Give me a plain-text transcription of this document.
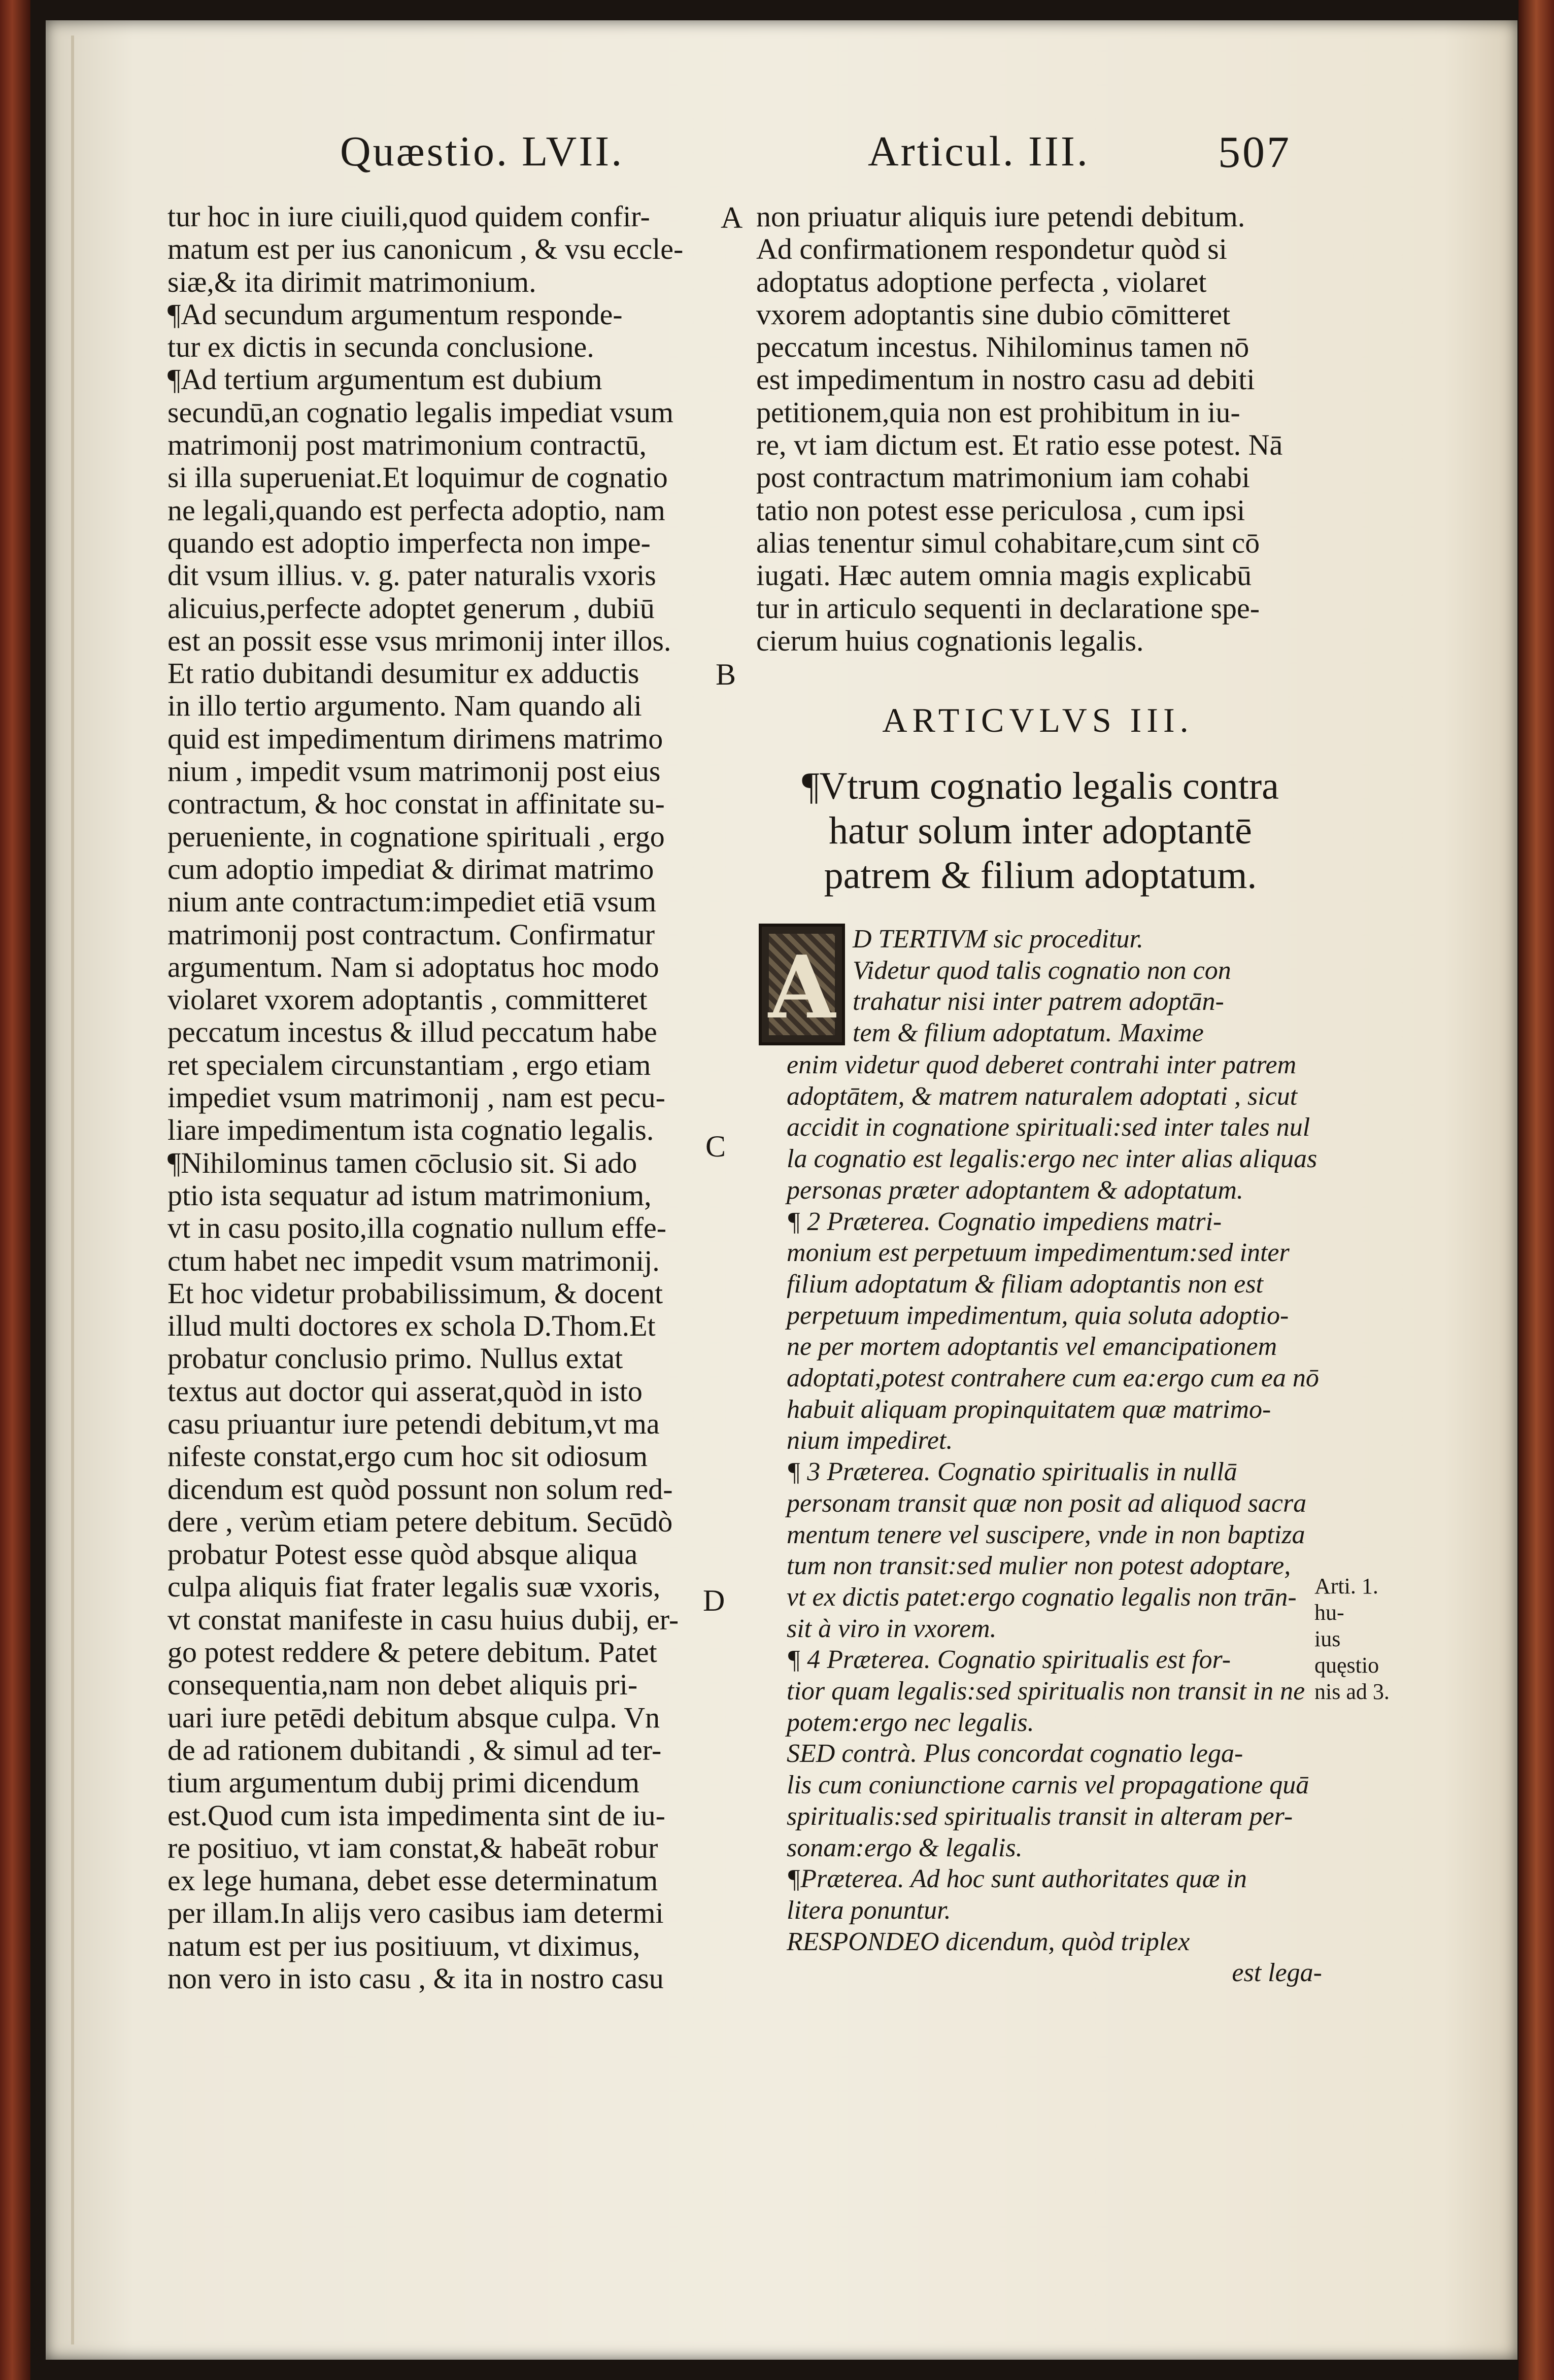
Quæstio. LVII.	Articul. III.	507

tur hoc in iure ciuili,quod quidem confir-

matum est per ius canonicum , & vsu eccle-

siæ,& ita dirimit matrimonium.

¶Ad secundum argumentum responde-

tur ex dictis in secunda conclusione.

¶Ad tertium argumentum est dubium

secundū,an cognatio legalis impediat vsum

matrimonij post matrimonium contractū,

si illa superueniat.Et loquimur de cognatio

ne legali,quando est perfecta adoptio, nam

quando est adoptio imperfecta non impe-

dit vsum illius. v. g. pater naturalis vxoris

alicuius,perfecte adoptet generum , dubiū

est an possit esse vsus mrimonij inter illos.

Et ratio dubitandi desumitur ex adductis

in illo tertio argumento. Nam quando ali

quid est impedimentum dirimens matrimo

nium , impedit vsum matrimonij post eius

contractum, & hoc constat in affinitate su-

perueniente, in cognatione spirituali , ergo

cum adoptio impediat & dirimat matrimo

nium ante contractum:impediet etiā vsum

matrimonij post contractum. Confirmatur

argumentum. Nam si adoptatus hoc modo

violaret vxorem adoptantis , committeret

peccatum incestus & illud peccatum habe

ret specialem circunstantiam , ergo etiam

impediet vsum matrimonij , nam est pecu-

liare impedimentum ista cognatio legalis.

¶Nihilominus tamen cōclusio sit. Si ado

ptio ista sequatur ad istum matrimonium,

vt in casu posito,illa cognatio nullum effe-

ctum habet nec impedit vsum matrimonij.

Et hoc videtur probabilissimum, & docent

illud multi doctores ex schola D.Thom.Et

probatur conclusio primo. Nullus extat

textus aut doctor qui asserat,quòd in isto

casu priuantur iure petendi debitum,vt ma

nifeste constat,ergo cum hoc sit odiosum

dicendum est quòd possunt non solum red-

dere , verùm etiam petere debitum. Secūdò

probatur Potest esse quòd absque aliqua

culpa aliquis fiat frater legalis suæ vxoris,

vt constat manifeste in casu huius dubij, er-

go potest reddere & petere debitum. Patet

consequentia,nam non debet aliquis pri-

uari iure petēdi debitum absque culpa. Vn

de ad rationem dubitandi , & simul ad ter-

tium argumentum dubij primi dicendum

est.Quod cum ista impedimenta sint de iu-

re positiuo, vt iam constat,& habeāt robur

ex lege humana, debet esse determinatum

per illam.In alijs vero casibus iam determi

natum est per ius positiuum, vt diximus,

non vero in isto casu , & ita in nostro casu

A
B
C
D

non priuatur aliquis iure petendi debitum.

Ad confirmationem respondetur quòd si

adoptatus adoptione perfecta , violaret

vxorem adoptantis sine dubio cōmitteret

peccatum incestus. Nihilominus tamen nō

est impedimentum in nostro casu ad debiti

petitionem,quia non est prohibitum in iu-

re, vt iam dictum est. Et ratio esse potest. Nā

post contractum matrimonium iam cohabi

tatio non potest esse periculosa , cum ipsi

alias tenentur simul cohabitare,cum sint cō

iugati. Hæc autem omnia magis explicabū

tur in articulo sequenti in declaratione spe-

cierum huius cognationis legalis.

ARTICVLVS III.
¶Vtrum cognatio legalis contra
hatur solum inter adoptantē
patrem & filium adoptatum.
A D TERTIVM sic proceditur.

Videtur quod talis cognatio non con

trahatur nisi inter patrem adoptān-

tem & filium adoptatum. Maxime

enim videtur quod deberet contrahi inter patrem

adoptātem, & matrem naturalem adoptati , sicut

accidit in cognatione spirituali:sed inter tales nul

la cognatio est legalis:ergo nec inter alias aliquas

personas præter adoptantem & adoptatum.

¶ 2 Præterea. Cognatio impediens matri-

monium est perpetuum impedimentum:sed inter

filium adoptatum & filiam adoptantis non est

perpetuum impedimentum, quia soluta adoptio-

ne per mortem adoptantis vel emancipationem

adoptati,potest contrahere cum ea:ergo cum ea nō

habuit aliquam propinquitatem quæ matrimo-

nium impediret.

¶ 3 Præterea. Cognatio spiritualis in nullā

personam transit quæ non posit ad aliquod sacra

mentum tenere vel suscipere, vnde in non baptiza

tum non transit:sed mulier non potest adoptare,

vt ex dictis patet:ergo cognatio legalis non trān-

sit à viro in vxorem.

¶ 4 Præterea. Cognatio spiritualis est for-

tior quam legalis:sed spiritualis non transit in ne

potem:ergo nec legalis.

SED contrà. Plus concordat cognatio lega-

lis cum coniunctione carnis vel propagatione quā

spiritualis:sed spiritualis transit in alteram per-

sonam:ergo & legalis.

¶Præterea. Ad hoc sunt authoritates quæ in

litera ponuntur.

RESPONDEO dicendum, quòd triplex

est lega-

Arti. 1. hu-

ius quęstio

nis ad 3.
